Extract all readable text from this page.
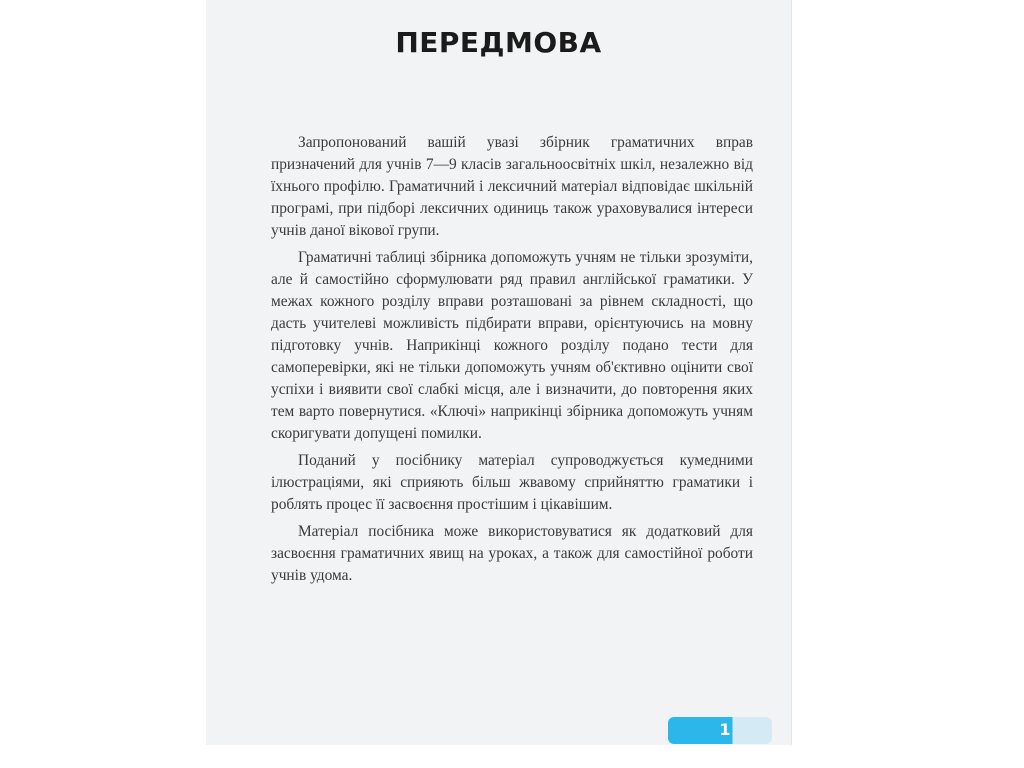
ПЕРЕДМОВА

Запропонований вашій увазі збірник граматичних вправ призначений для учнів 7—9 класів загальноосвітніх шкіл, незалежно від їхнього профілю. Граматичний і лексичний матеріал відповідає шкільній програмі, при підборі лексичних одиниць також ураховувалися інтереси учнів даної вікової групи.

Граматичні таблиці збірника допоможуть учням не тільки зрозуміти, але й самостійно сформулювати ряд правил англійської граматики. У межах кожного розділу вправи розташовані за рівнем складності, що дасть учителеві можливість підбирати вправи, орієнтуючись на мовну підготовку учнів. Наприкінці кожного розділу подано тести для самоперевірки, які не тільки допоможуть учням об'єктивно оцінити свої успіхи і виявити свої слабкі місця, але і визначити, до повторення яких тем варто повернутися. «Ключі» наприкінці збірника допоможуть учням скоригувати допущені помилки.

Поданий у посібнику матеріал супроводжується кумедними ілюстраціями, які сприяють більш жвавому сприйняттю граматики і роблять процес її засвоєння простішим і цікавішим.

Матеріал посібника може використовуватися як додатковий для засвоєння граматичних явищ на уроках, а також для самостійної роботи учнів удома.

1
